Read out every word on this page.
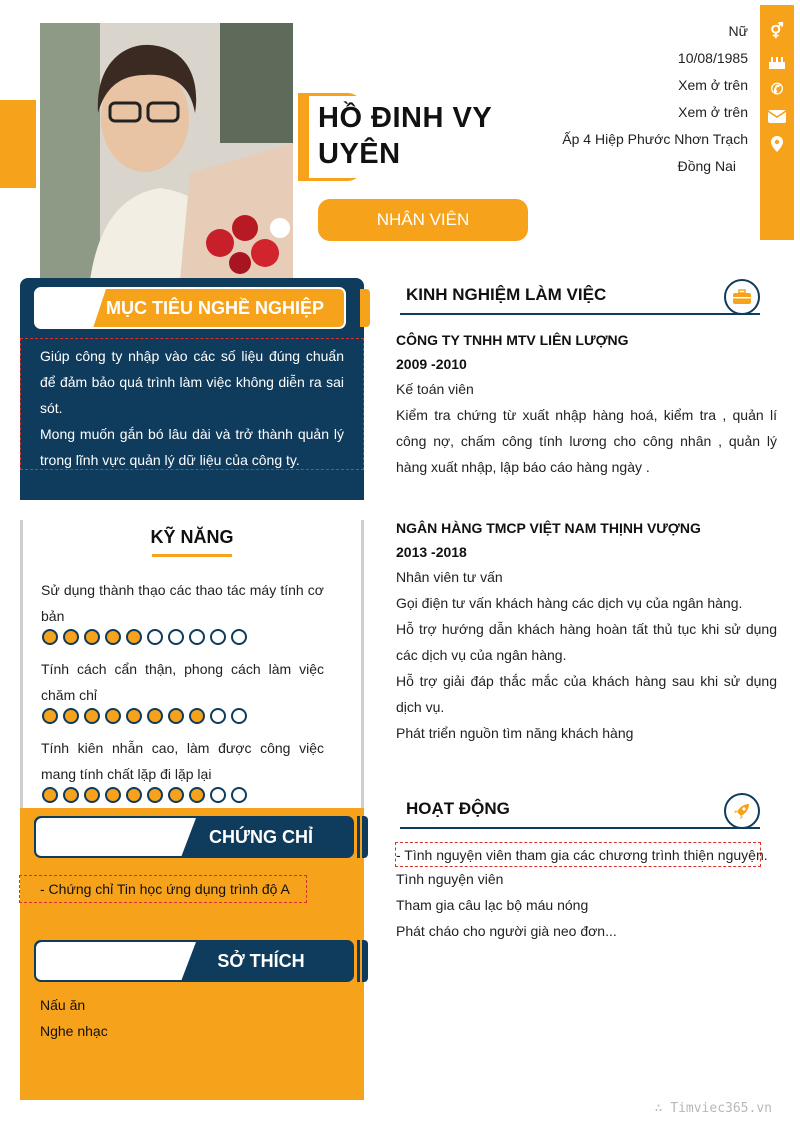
HỒ ĐINH VY
UYÊN
NHÂN VIÊN
Nữ
10/08/1985
Xem ở trên
Xem ở trên
Ấp 4 Hiệp Phước Nhơn Trạch
Đồng Nai
⚥
✆
MỤC TIÊU NGHỀ NGHIỆP
Giúp công ty nhập vào các số liệu đúng chuẩn để đảm bảo quá trình làm việc không diễn ra sai sót.
Mong muốn gắn bó lâu dài và trở thành quản lý trong lĩnh vực quản lý dữ liệu của công ty.
KỸ NĂNG
Sử dụng thành thạo các thao tác máy tính cơ bản
Tính cách cẩn thận, phong cách làm việc chăm chỉ
Tính kiên nhẫn cao, làm được công việc mang tính chất lặp đi lặp lại
CHỨNG CHỈ
- Chứng chỉ Tin học ứng dụng trình độ A
SỞ THÍCH
Nấu ăn
Nghe nhạc
KINH NGHIỆM LÀM VIỆC
CÔNG TY TNHH MTV LIÊN LƯỢNG
2009 -2010
Kế toán viên
Kiểm tra chứng từ xuất nhập hàng hoá, kiểm tra , quản lí công nợ, chấm công tính lương cho công nhân , quản lý hàng xuất nhập, lập báo cáo hàng ngày .
NGÂN HÀNG TMCP VIỆT NAM THỊNH VƯỢNG
2013 -2018
Nhân viên tư vấn
Gọi điện tư vấn khách hàng các dịch vụ của ngân hàng.
Hỗ trợ hướng dẫn khách hàng hoàn tất thủ tục khi sử dụng các dịch vụ của ngân hàng.
Hỗ trợ giải đáp thắc mắc của khách hàng sau khi sử dụng dịch vụ.
Phát triển nguồn tìm năng khách hàng
HOẠT ĐỘNG
- Tình nguyện viên tham gia các chương trình thiện nguyện.
Tình nguyện viên
Tham gia câu lạc bộ máu nóng
Phát cháo cho người già neo đơn...
∴ Timviec365.vn
